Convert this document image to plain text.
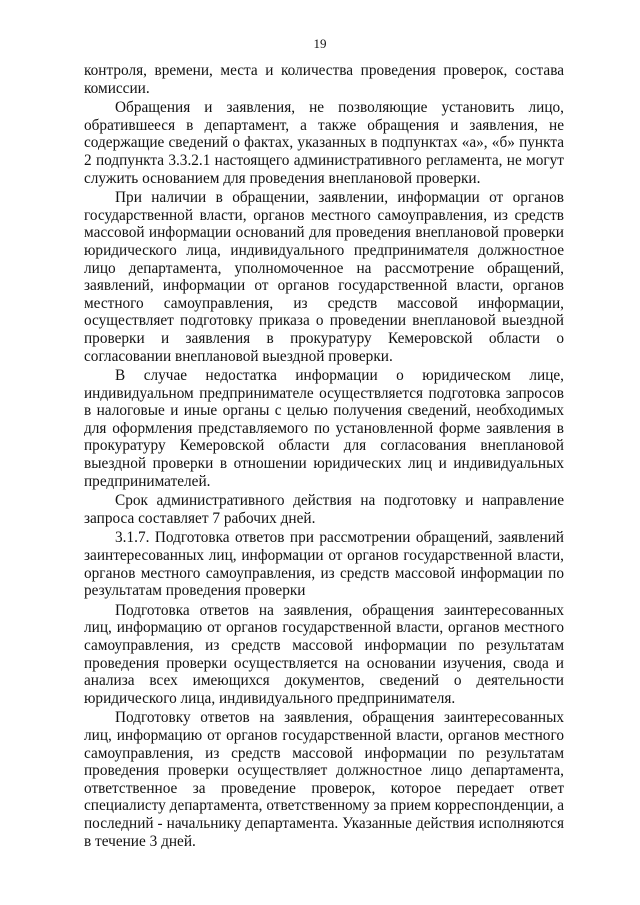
19

контроля, времени, места и количества проведения проверок, состава комиссии.

Обращения и заявления, не позволяющие установить лицо, обратившееся в департамент, а также обращения и заявления, не содержащие сведений о фактах, указанных в подпунктах «а», «б» пункта 2 подпункта 3.3.2.1 настоящего административного регламента, не могут служить основанием для проведения внеплановой проверки.

При наличии в обращении, заявлении, информации от органов государственной власти, органов местного самоуправления, из средств массовой информации оснований для проведения внеплановой проверки юридического лица, индивидуального предпринимателя должностное лицо департамента, уполномоченное на рассмотрение обращений, заявлений, информации от органов государственной власти, органов местного самоуправления, из средств массовой информации, осуществляет подготовку приказа о проведении внеплановой выездной проверки и заявления в прокуратуру Кемеровской области о согласовании внеплановой выездной проверки.

В случае недостатка информации о юридическом лице, индивидуальном предпринимателе осуществляется подготовка запросов в налоговые и иные органы с целью получения сведений, необходимых для оформления представляемого по установленной форме заявления в прокуратуру Кемеровской области для согласования внеплановой выездной проверки в отношении юридических лиц и индивидуальных предпринимателей.

Срок административного действия на подготовку и направление запроса составляет 7 рабочих дней.

3.1.7. Подготовка ответов при рассмотрении обращений, заявлений заинтересованных лиц, информации от органов государственной власти, органов местного самоуправления, из средств массовой информации по результатам проведения проверки

Подготовка ответов на заявления, обращения заинтересованных лиц, информацию от органов государственной власти, органов местного самоуправления, из средств массовой информации по результатам проведения проверки осуществляется на основании изучения, свода и анализа всех имеющихся документов, сведений о деятельности юридического лица, индивидуального предпринимателя.

Подготовку ответов на заявления, обращения заинтересованных лиц, информацию от органов государственной власти, органов местного самоуправления, из средств массовой информации по результатам проведения проверки осуществляет должностное лицо департамента, ответственное за проведение проверок, которое передает ответ специалисту департамента, ответственному за прием корреспонденции, а последний - начальнику департамента. Указанные действия исполняются в течение 3 дней.
